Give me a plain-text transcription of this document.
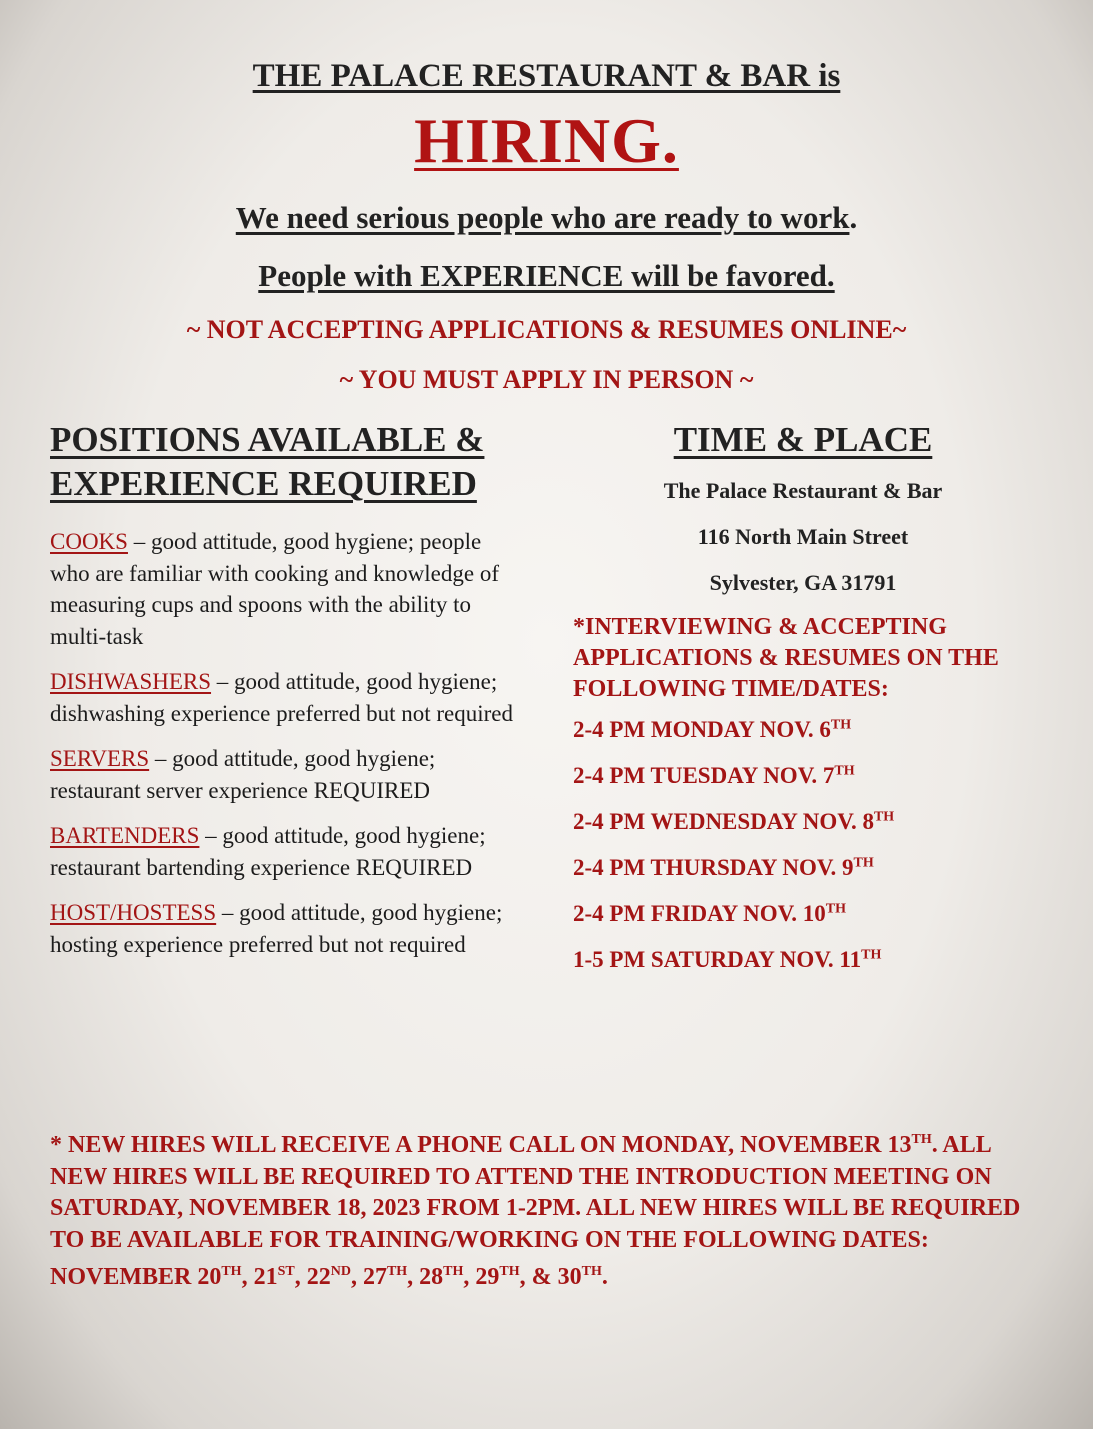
THE PALACE RESTAURANT & BAR is
HIRING.
We need serious people who are ready to work.
People with EXPERIENCE will be favored.
~ NOT ACCEPTING APPLICATIONS & RESUMES ONLINE~
~ YOU MUST APPLY IN PERSON ~

POSITIONS AVAILABLE &

EXPERIENCE REQUIRED

COOKS – good attitude, good hygiene; people who are familiar with cooking and knowledge of measuring cups and spoons with the ability to multi-task

DISHWASHERS – good attitude, good hygiene; dishwashing experience preferred but not required

SERVERS – good attitude, good hygiene; restaurant server experience REQUIRED

BARTENDERS – good attitude, good hygiene; restaurant bartending experience REQUIRED

HOST/HOSTESS – good attitude, good hygiene; hosting experience preferred but not required

TIME & PLACE

The Palace Restaurant & Bar

116 North Main Street

Sylvester, GA 31791

*INTERVIEWING & ACCEPTING APPLICATIONS & RESUMES ON THE FOLLOWING TIME/DATES:

2-4 PM MONDAY NOV. 6TH

2-4 PM TUESDAY NOV. 7TH

2-4 PM WEDNESDAY NOV. 8TH

2-4 PM THURSDAY NOV. 9TH

2-4 PM FRIDAY NOV. 10TH

1-5 PM SATURDAY NOV. 11TH

* NEW HIRES WILL RECEIVE A PHONE CALL ON MONDAY, NOVEMBER 13TH. ALL NEW HIRES WILL BE REQUIRED TO ATTEND THE INTRODUCTION MEETING ON SATURDAY, NOVEMBER 18, 2023 FROM 1-2PM. ALL NEW HIRES WILL BE REQUIRED TO BE AVAILABLE FOR TRAINING/WORKING ON THE FOLLOWING DATES: NOVEMBER 20TH, 21ST, 22ND, 27TH, 28TH, 29TH, & 30TH.
